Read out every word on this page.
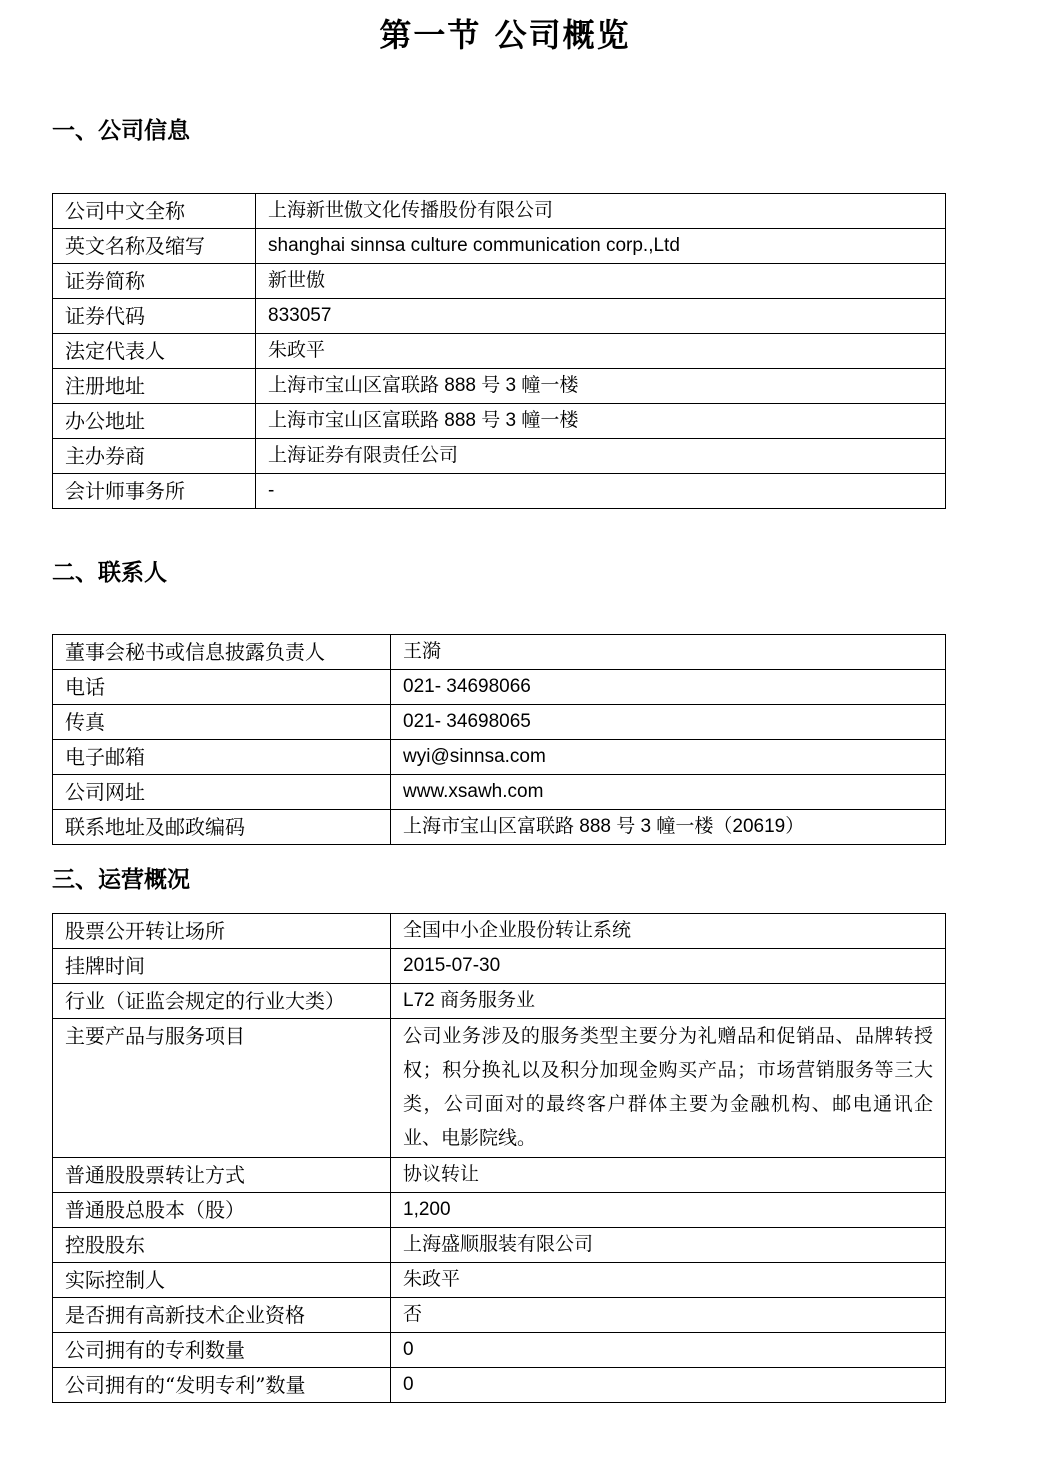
第一节 公司概览
一、公司信息
公司中文全称	上海新世傲文化传播股份有限公司
英文名称及缩写	shanghai sinnsa culture communication corp.,Ltd
证券简称	新世傲
证券代码	833057
法定代表人	朱政平
注册地址	上海市宝山区富联路 888 号 3 幢一楼
办公地址	上海市宝山区富联路 888 号 3 幢一楼
主办券商	上海证券有限责任公司
会计师事务所	-
二、联系人
董事会秘书或信息披露负责人	王漪
电话	021- 34698066
传真	021- 34698065
电子邮箱	wyi@sinnsa.com
公司网址	www.xsawh.com
联系地址及邮政编码	上海市宝山区富联路 888 号 3 幢一楼（20619）
三、运营概况
股票公开转让场所	全国中小企业股份转让系统
挂牌时间	2015-07-30
行业（证监会规定的行业大类）	L72 商务服务业
主要产品与服务项目	公司业务涉及的服务类型主要分为礼赠品和促销品、品牌转授权；积分换礼以及积分加现金购买产品；市场营销服务等三大类，公司面对的最终客户群体主要为金融机构、邮电通讯企业、电影院线。

普通股股票转让方式	协议转让
普通股总股本（股）	1,200
控股股东	上海盛顺服装有限公司
实际控制人	朱政平
是否拥有高新技术企业资格	否
公司拥有的专利数量	0
公司拥有的“发明专利”数量	0
